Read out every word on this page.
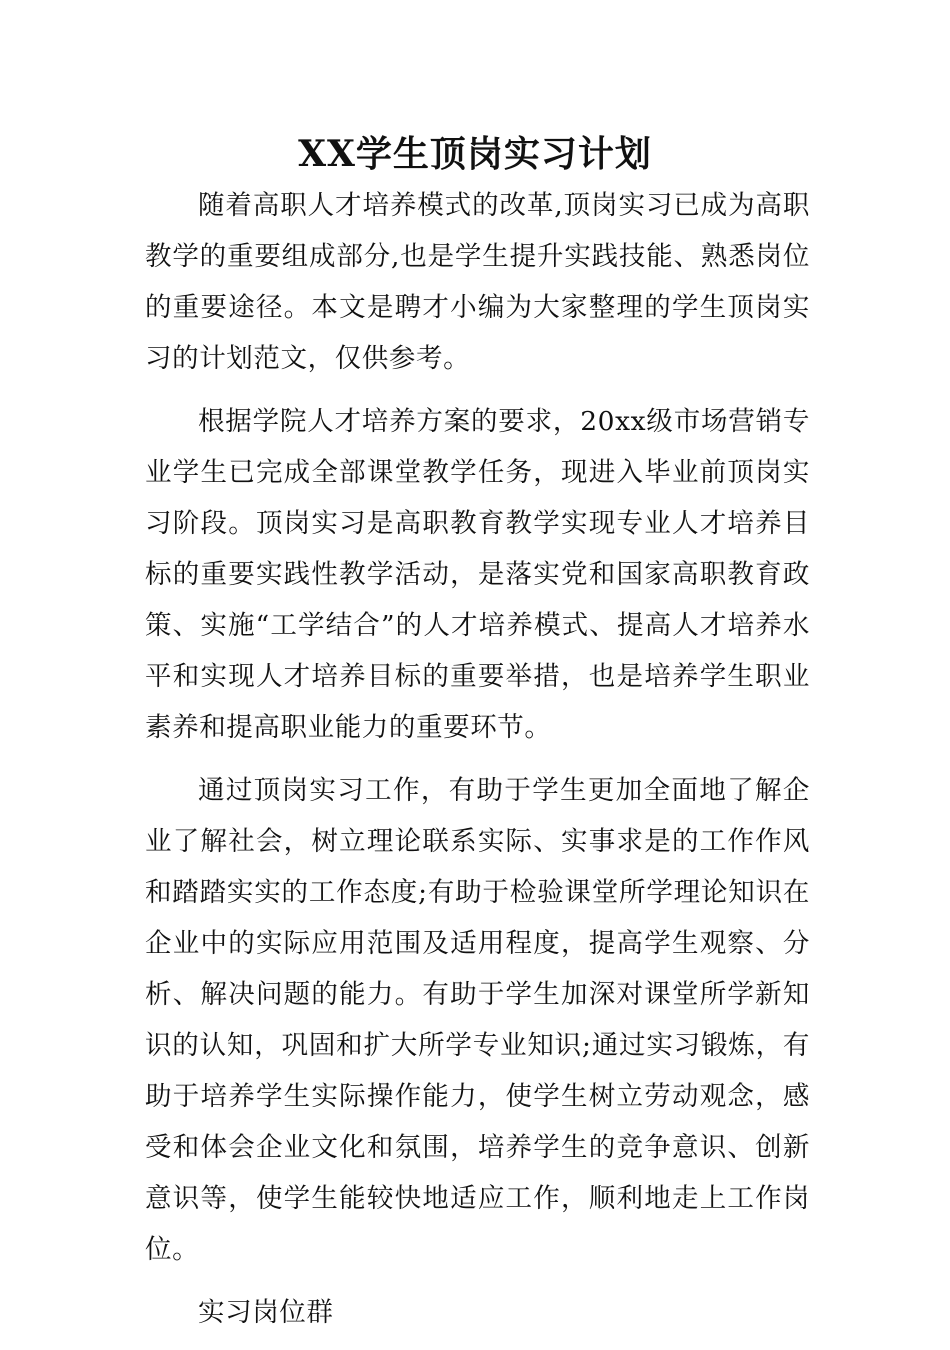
XX学生顶岗实习计划

随着高职人才培养模式的改革,顶岗实习已成为高职教学的重要组成部分,也是学生提升实践技能、熟悉岗位的重要途径。本文是聘才小编为大家整理的学生顶岗实习的计划范文，仅供参考。

根据学院人才培养方案的要求，20xx级市场营销专业学生已完成全部课堂教学任务，现进入毕业前顶岗实习阶段。顶岗实习是高职教育教学实现专业人才培养目标的重要实践性教学活动，是落实党和国家高职教育政策、实施“工学结合”的人才培养模式、提高人才培养水平和实现人才培养目标的重要举措，也是培养学生职业素养和提高职业能力的重要环节。

通过顶岗实习工作，有助于学生更加全面地了解企业了解社会，树立理论联系实际、实事求是的工作作风和踏踏实实的工作态度;有助于检验课堂所学理论知识在企业中的实际应用范围及适用程度，提高学生观察、分析、解决问题的能力。有助于学生加深对课堂所学新知识的认知，巩固和扩大所学专业知识;通过实习锻炼，有助于培养学生实际操作能力，使学生树立劳动观念，感受和体会企业文化和氛围，培养学生的竞争意识、创新意识等，使学生能较快地适应工作，顺利地走上工作岗位。

实习岗位群
